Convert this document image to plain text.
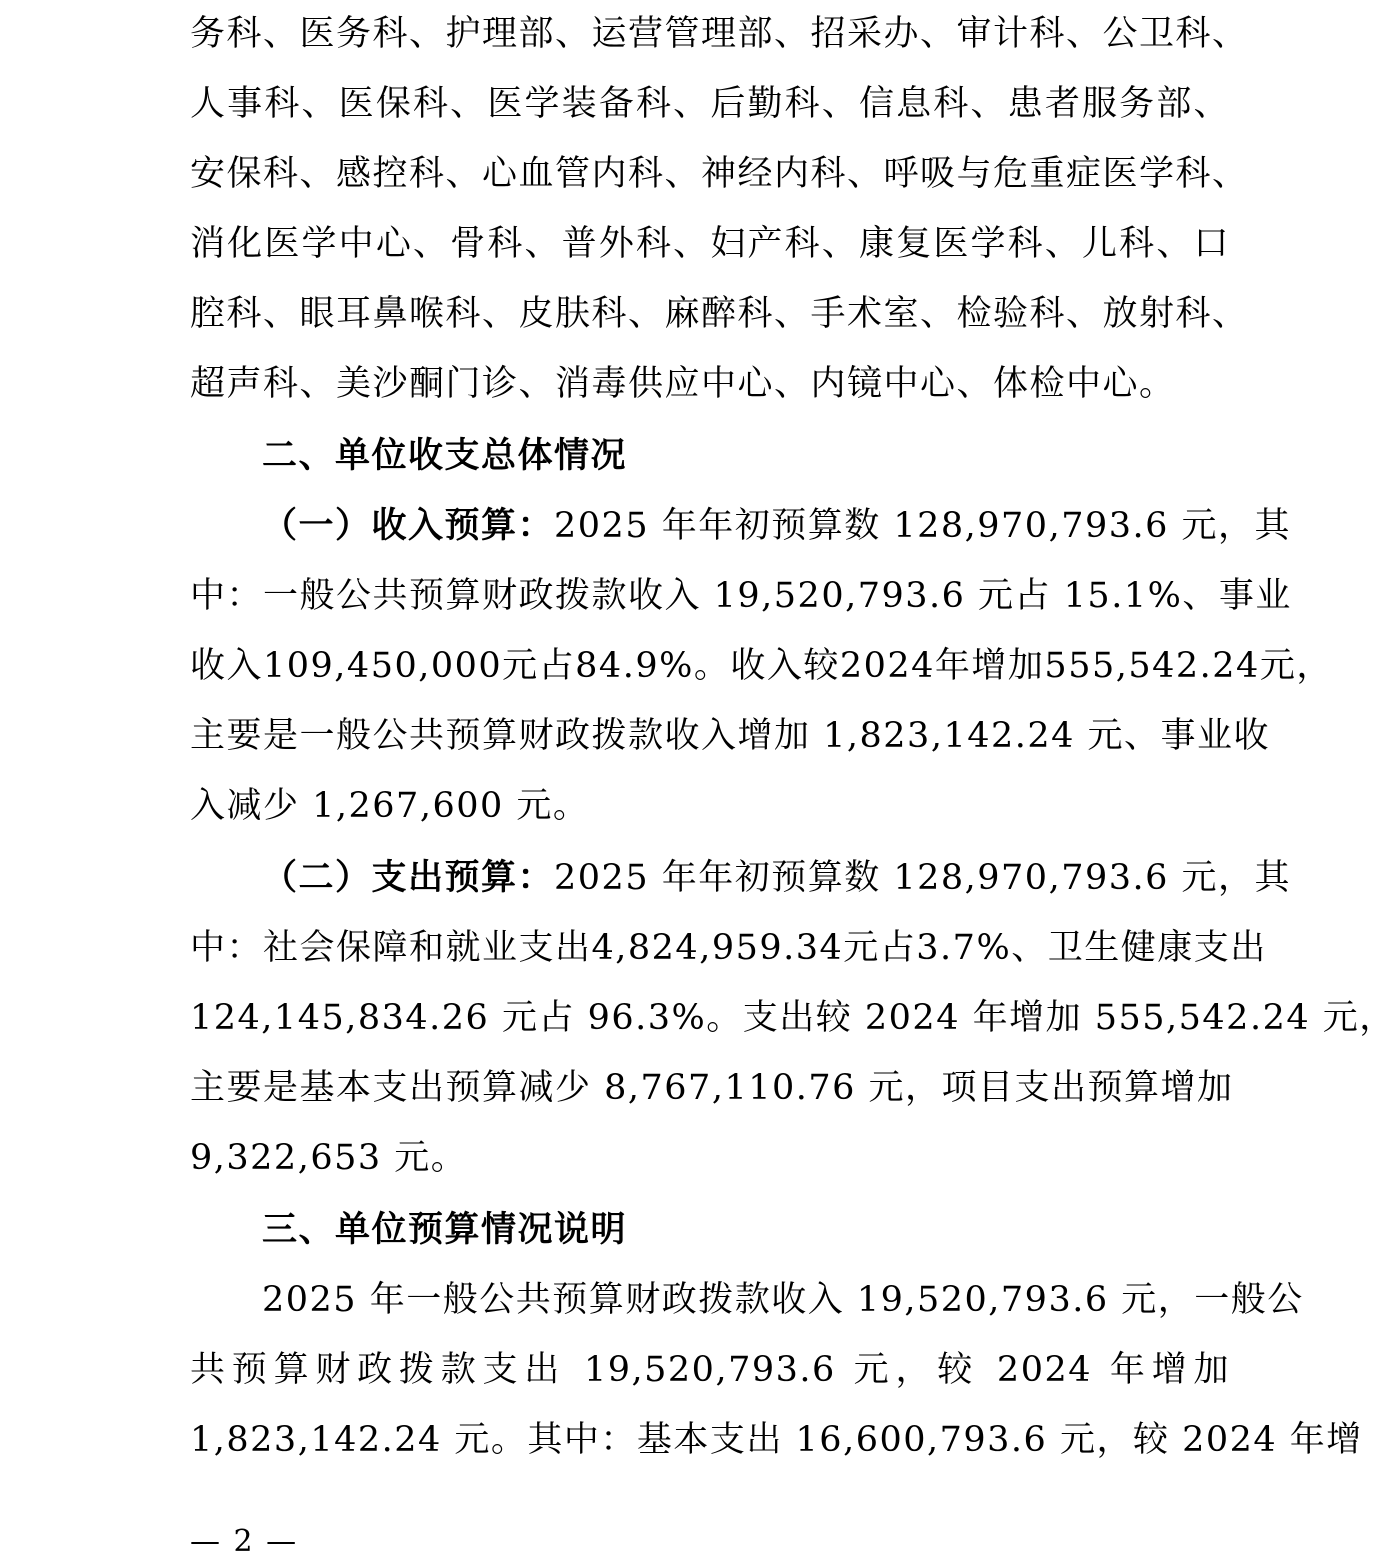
务科、医务科、护理部、运营管理部、招采办、审计科、公卫科、
人事科、医保科、医学装备科、后勤科、信息科、患者服务部、
安保科、感控科、心血管内科、神经内科、呼吸与危重症医学科、
消化医学中心、骨科、普外科、妇产科、康复医学科、儿科、口
腔科、眼耳鼻喉科、皮肤科、麻醉科、手术室、检验科、放射科、
超声科、美沙酮门诊、消毒供应中心、内镜中心、体检中心。
二、单位收支总体情况
（一）收入预算：2025 年年初预算数 128,970,793.6 元，其
中：一般公共预算财政拨款收入 19,520,793.6 元占 15.1%、事业
收入109,450,000元占84.9%。收入较2024年增加555,542.24元，
主要是一般公共预算财政拨款收入增加 1,823,142.24 元、事业收
入减少 1,267,600 元。
（二）支出预算：2025 年年初预算数 128,970,793.6 元，其
中：社会保障和就业支出4,824,959.34元占3.7%、卫生健康支出
124,145,834.26 元占 96.3%。支出较 2024 年增加 555,542.24 元，
主要是基本支出预算减少 8,767,110.76 元，项目支出预算增加
9,322,653 元。
三、单位预算情况说明
2025 年一般公共预算财政拨款收入 19,520,793.6 元，一般公
共预算财政拨款支出 19,520,793.6 元，较 2024 年增加
1,823,142.24 元。其中：基本支出 16,600,793.6 元，较 2024 年增
— 2 —
